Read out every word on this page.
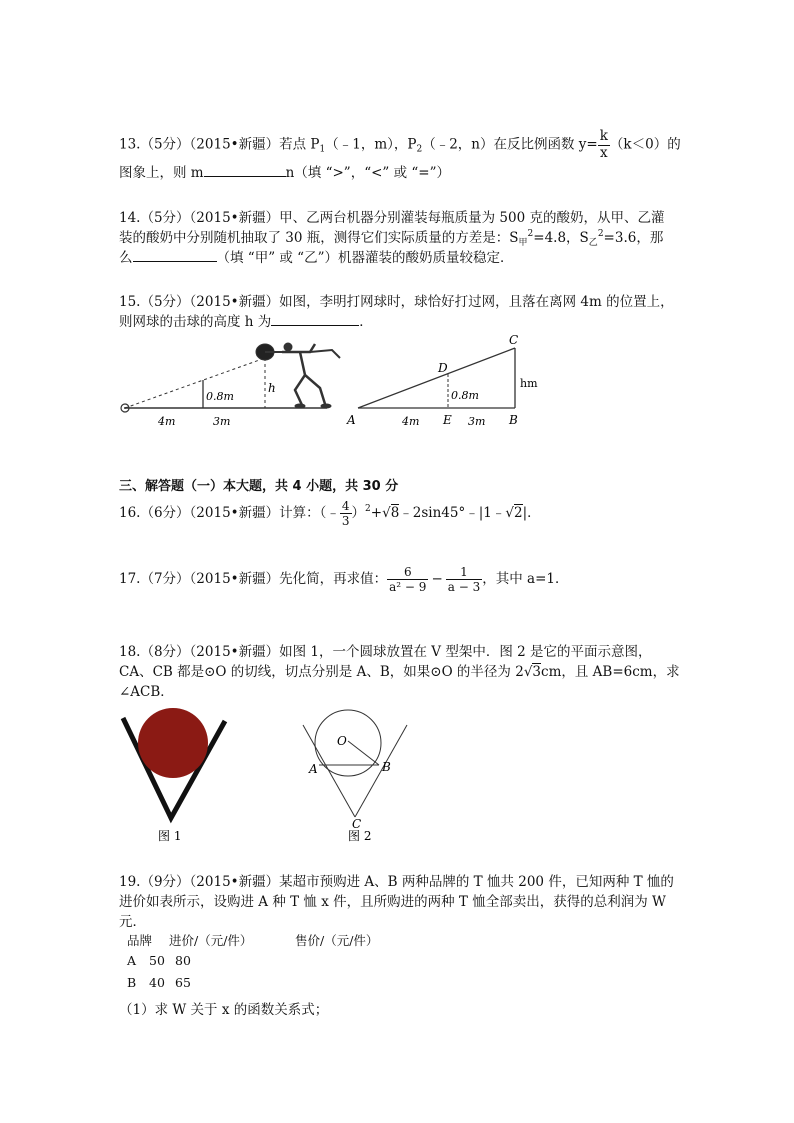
13.（5分）（2015•新疆）若点 $P_1(﹣1$，m），$P_2(﹣2$，n）在反比例函数 $y= \frac{k}{x} (k<0)$的
图象上，则 m	n（填 “>”，“<” 或 “=”）
14.（5分）（2015•新疆）甲、乙两台机器分别灌装每瓶质量为 500 克的酸奶，从甲、乙灌
装的酸奶中分别随机抽取了 30 瓶，测得它们实际质量的方差是：$S_甲^2=4.8$，$S_乙^2=3.6$，那
么	（填 “甲” 或 “乙”）机器灌装的酸奶质量较稳定．
15.（5分）（2015•新疆）如图，李明打网球时，球恰好打过网，且落在离网 4m 的位置上，
则网球的击球的高度 h 为	．
0.8m
h
4m	3m	A	B
C
D
E
0.8m
hm
4m	3m
三、解答题（一）本大题，共 4 小题，共 30 分
16.（6分）（2015•新疆）计算：（﹣ $\frac{4}{3}$ ）$^2$+√8﹣2sin45°﹣|1﹣√2|．
17.（7分）（2015•新疆）先化简，再求值： $\frac{6}{\text{a² − 9}} - \frac{1}{a - 3}$ ，其中 a=1．
18.（8分）（2015•新疆）如图 1，一个圆球放置在 V 型架中．图 2 是它的平面示意图，
CA、CB 都是⊙O 的切线，切点分别是 A、B，如果⊙O 的半径为 2√3cm，且 AB=6cm，求
∠ACB．
图 1
O
A	B
C
图 2
19.（9分）（2015•新疆）某超市预购进 A、B 两种品牌的 T 恤共 200 件，已知两种 T 恤的
进价如表所示，设购进 A 种 T 恤 x 件，且所购进的两种 T 恤全部卖出，获得的总利润为 W
元．
品牌 进价/（元/件）	售价/（元/件）
A 50 80
B 40 65
（1）求 W 关于 x 的函数关系式；
